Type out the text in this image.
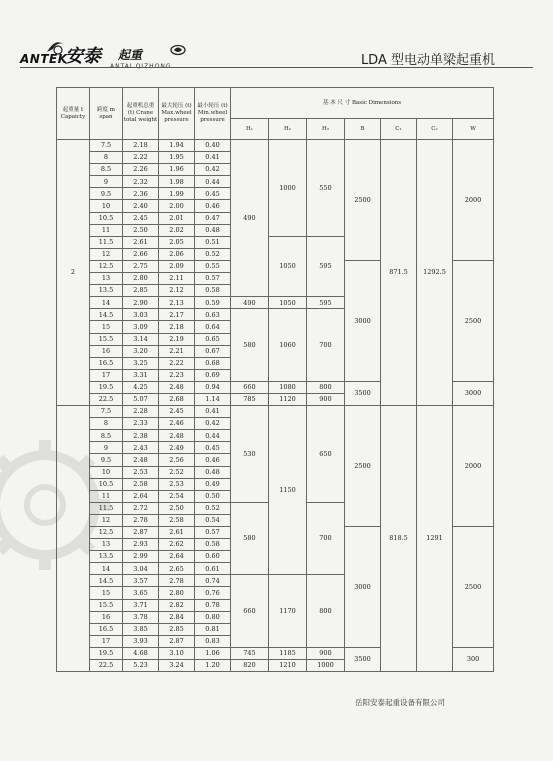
ANTEK
安泰 起重
ANTAI QIZHONG	LDA 型电动单梁起重机
起重量 t Capaicty	跨度 m span	起重机总重 (t) Crane total weight	最大轮压 (t) Max.wheel pressure	最小轮压 (t) Min.wheel pressure	基 本 尺 寸 Basic Dimensions						
					H₁	H₂	H₃	B	C₁	C₂	W
2	7.5	2.18	1.94	0.40	490	1000	550	2500	871.5	1292.5	2000
	8	2.22	1.95	0.41							
	8.5	2.26	1.96	0.42							
	9	2.32	1.98	0.44							
	9.5	2.36	1.99	0.45							
	10	2.40	2.00	0.46							
	10.5	2.45	2.01	0.47							
	11	2.50	2.02	0.48							
	11.5	2.61	2.05	0.51		1050	595				
	12	2.66	2.06	0.52							
	12.5	2.75	2.09	0.55				3000			2500
	13	2.80	2.11	0.57							
	13.5	2.85	2.12	0.58							
	14	2.90	2.13	0.59	490	1050	595				
	14.5	3.03	2.17	0.63	580	1060	700				
	15	3.09	2.18	0.64							
	15.5	3.14	2.19	0.65							
	16	3.20	2.21	0.67							
	16.5	3.25	2.22	0.68							
	17	3.31	2.23	0.69							
	19.5	4.25	2.48	0.94	660	1080	800	3500			3000
	22.5	5.07	2.68	1.14	785	1120	900				
	7.5	2.28	2.45	0.41	530	1150	650	2500	818.5	1291	2000
	8	2.33	2.46	0.42							
	8.5	2.38	2.48	0.44							
	9	2.43	2.49	0.45							
	9.5	2.48	2.56	0.46							
	10	2.53	2.52	0.48							
	10.5	2.58	2.53	0.49							
	11	2.64	2.54	0.50							
	11.5	2.72	2.50	0.52	580		700				
	12	2.78	2.58	0.54							
	12.5	2.87	2.61	0.57				3000			2500
	13	2.93	2.62	0.58							
	13.5	2.99	2.64	0.60							
	14	3.04	2.65	0.61							
	14.5	3.57	2.78	0.74	660	1170	800				
	15	3.65	2.80	0.76							
	15.5	3.71	2.82	0.78							
	16	3.78	2.84	0.80							
	16.5	3.85	2.85	0.81							
	17	3.93	2.87	0.83							
	19.5	4.68	3.10	1.06	745	1185	900	3500			300
	22.5	5.23	3.24	1.20	820	1210	1000				
岳阳安泰起重设备有限公司
